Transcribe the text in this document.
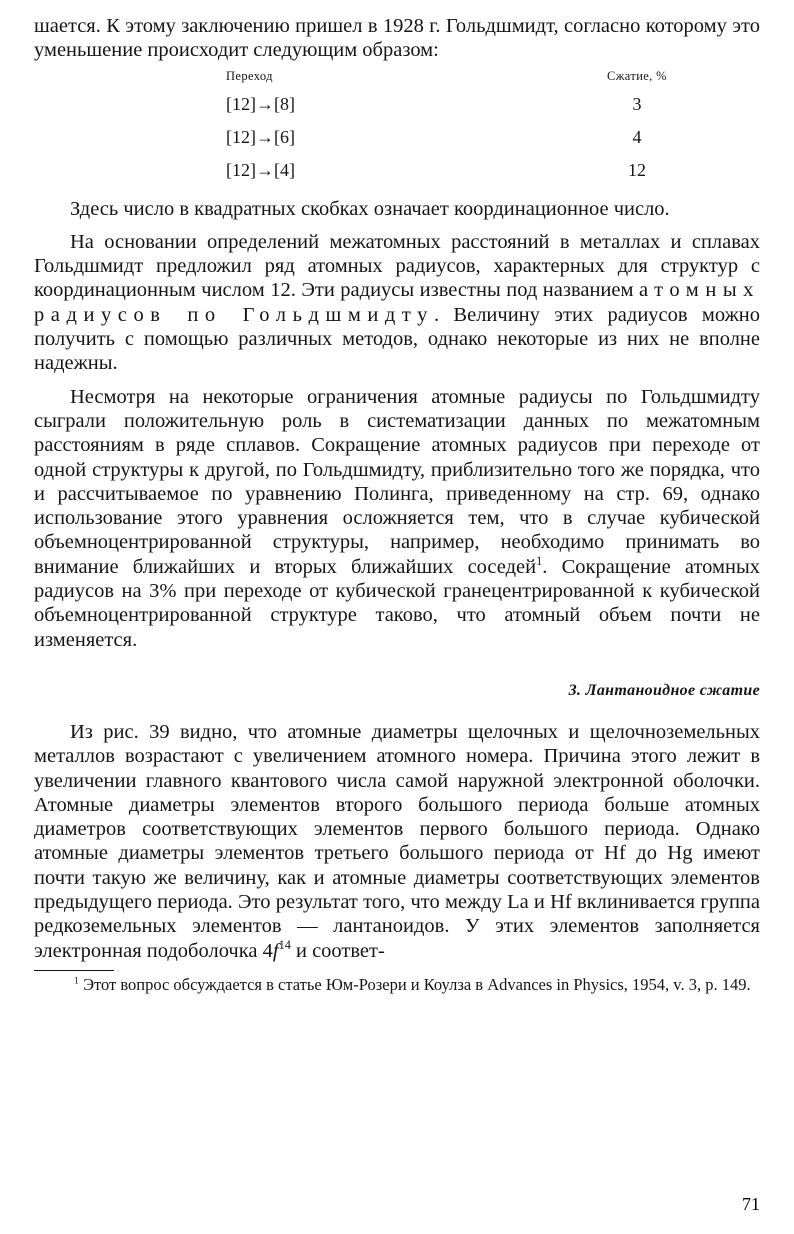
шается. К этому заключению пришел в 1928 г. Гольдшмидт, согласно которому это уменьшение происходит следующим образом:

Переход	Сжатие, %
[12]→[8]	3
[12]→[6]	4
[12]→[4]	12

Здесь число в квадратных скобках означает координационное число.

На основании определений межатомных расстояний в металлах и сплавах Гольдшмидт предложил ряд атомных радиусов, характерных для структур с координационным числом 12. Эти радиусы известны под названием атомных радиусов по Гольдшмидту. Величину этих радиусов можно получить с помощью различных методов, однако некоторые из них не вполне надежны.

Несмотря на некоторые ограничения атомные радиусы по Гольдшмидту сыграли положительную роль в систематизации данных по межатомным расстояниям в ряде сплавов. Сокращение атомных радиусов при переходе от одной структуры к другой, по Гольдшмидту, приблизительно того же порядка, что и рассчитываемое по уравнению Полинга, приведенному на стр. 69, однако использование этого уравнения осложняется тем, что в случае кубической объемноцентрированной структуры, например, необходимо принимать во внимание ближайших и вторых ближайших соседей$^1$. Сокращение атомных радиусов на 3% при переходе от кубической гранецентрированной к кубической объемноцентрированной структуре таково, что атомный объем почти не изменяется.

3. Лантаноидное сжатие

Из рис. 39 видно, что атомные диаметры щелочных и щелочноземельных металлов возрастают с увеличением атомного номера. Причина этого лежит в увеличении главного квантового числа самой наружной электронной оболочки. Атомные диаметры элементов второго большого периода больше атомных диаметров соответствующих элементов первого большого периода. Однако атомные диаметры элементов третьего большого периода от Hf до Hg имеют почти такую же величину, как и атомные диаметры соответствующих элементов предыдущего периода. Это результат того, что между La и Hf вклинивается группа редкоземельных элементов — лантаноидов. У этих элементов заполняется электронная подоболочка $4f^{14}$ и соответ-

$^1$ Этот вопрос обсуждается в статье Юм-Розери и Коулза в Advances in Physics, 1954, v. 3, p. 149.

71
